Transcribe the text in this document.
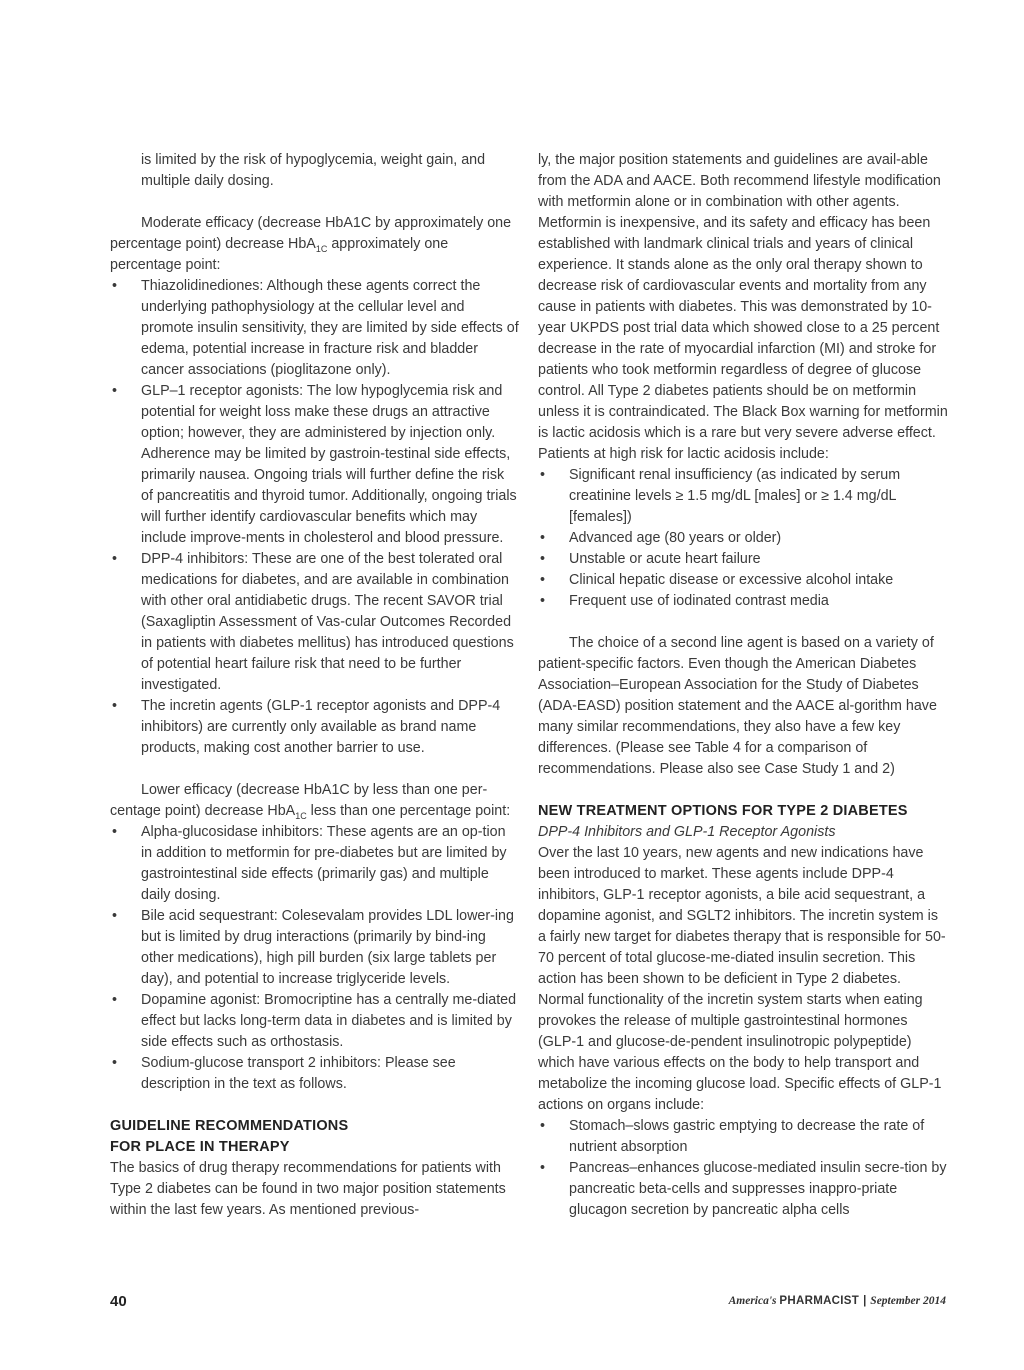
is limited by the risk of hypoglycemia, weight gain, and multiple daily dosing.

Moderate efficacy (decrease HbA1C by approximately one percentage point) decrease HbA$_{1C}$ approximately one percentage point:

• Thiazolidinediones: Although these agents correct the underlying pathophysiology at the cellular level and promote insulin sensitivity, they are limited by side effects of edema, potential increase in fracture risk and bladder cancer associations (pioglitazone only).
• GLP–1 receptor agonists: The low hypoglycemia risk and potential for weight loss make these drugs an attractive option; however, they are administered by injection only. Adherence may be limited by gastroin-testinal side effects, primarily nausea. Ongoing trials will further define the risk of pancreatitis and thyroid tumor. Additionally, ongoing trials will further identify cardiovascular benefits which may include improve-ments in cholesterol and blood pressure.
• DPP-4 inhibitors: These are one of the best tolerated oral medications for diabetes, and are available in combination with other oral antidiabetic drugs. The recent SAVOR trial (Saxagliptin Assessment of Vas-cular Outcomes Recorded in patients with diabetes mellitus) has introduced questions of potential heart failure risk that need to be further investigated.
• The incretin agents (GLP-1 receptor agonists and DPP-4 inhibitors) are currently only available as brand name products, making cost another barrier to use.

Lower efficacy (decrease HbA1C by less than one per-centage point) decrease HbA$_{1C}$ less than one percentage point:

• Alpha-glucosidase inhibitors: These agents are an op-tion in addition to metformin for pre-diabetes but are limited by gastrointestinal side effects (primarily gas) and multiple daily dosing.
• Bile acid sequestrant: Colesevalam provides LDL lower-ing but is limited by drug interactions (primarily by bind-ing other medications), high pill burden (six large tablets per day), and potential to increase triglyceride levels.
• Dopamine agonist: Bromocriptine has a centrally me-diated effect but lacks long-term data in diabetes and is limited by side effects such as orthostasis.
• Sodium-glucose transport 2 inhibitors: Please see description in the text as follows.
GUIDELINE RECOMMENDATIONS
FOR PLACE IN THERAPY

The basics of drug therapy recommendations for patients with Type 2 diabetes can be found in two major position statements within the last few years. As mentioned previous-

ly, the major position statements and guidelines are avail-able from the ADA and AACE. Both recommend lifestyle modification with metformin alone or in combination with other agents. Metformin is inexpensive, and its safety and efficacy has been established with landmark clinical trials and years of clinical experience. It stands alone as the only oral therapy shown to decrease risk of cardiovascular events and mortality from any cause in patients with diabetes. This was demonstrated by 10-year UKPDS post trial data which showed close to a 25 percent decrease in the rate of myocardial infarction (MI) and stroke for patients who took metformin regardless of degree of glucose control. All Type 2 diabetes patients should be on metformin unless it is contraindicated. The Black Box warning for metformin is lactic acidosis which is a rare but very severe adverse effect. Patients at high risk for lactic acidosis include:

• Significant renal insufficiency (as indicated by serum creatinine levels ≥ 1.5 mg/dL [males] or ≥ 1.4 mg/dL [females])
• Advanced age (80 years or older)
• Unstable or acute heart failure
• Clinical hepatic disease or excessive alcohol intake
• Frequent use of iodinated contrast media

The choice of a second line agent is based on a variety of patient-specific factors. Even though the American Diabetes Association–European Association for the Study of Diabetes (ADA-EASD) position statement and the AACE al-gorithm have many similar recommendations, they also have a few key differences. (Please see Table 4 for a comparison of recommendations. Please also see Case Study 1 and 2)

NEW TREATMENT OPTIONS FOR TYPE 2 DIABETES

DPP-4 Inhibitors and GLP-1 Receptor Agonists

Over the last 10 years, new agents and new indications have been introduced to market. These agents include DPP-4 inhibitors, GLP-1 receptor agonists, a bile acid sequestrant, a dopamine agonist, and SGLT2 inhibitors. The incretin system is a fairly new target for diabetes therapy that is responsible for 50-70 percent of total glucose-me-diated insulin secretion. This action has been shown to be deficient in Type 2 diabetes. Normal functionality of the incretin system starts when eating provokes the release of multiple gastrointestinal hormones (GLP-1 and glucose-de-pendent insulinotropic polypeptide) which have various effects on the body to help transport and metabolize the incoming glucose load. Specific effects of GLP-1 actions on organs include:

• Stomach–slows gastric emptying to decrease the rate of nutrient absorption
• Pancreas–enhances glucose-mediated insulin secre-tion by pancreatic beta-cells and suppresses inappro-priate glucagon secretion by pancreatic alpha cells
40	America's PHARMACIST | September 2014
